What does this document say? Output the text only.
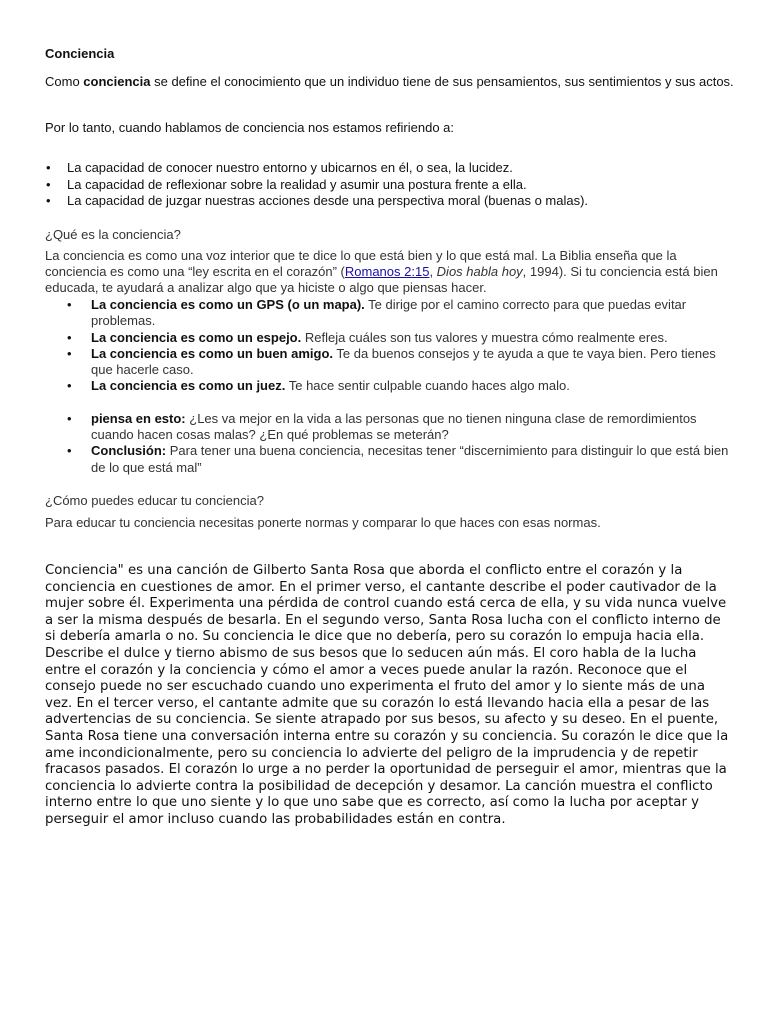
Conciencia
Como conciencia se define el conocimiento que un individuo tiene de sus pensamientos, sus sentimientos y sus actos.
Por lo tanto, cuando hablamos de conciencia nos estamos refiriendo a:
• La capacidad de conocer nuestro entorno y ubicarnos en él, o sea, la lucidez.
• La capacidad de reflexionar sobre la realidad y asumir una postura frente a ella.
• La capacidad de juzgar nuestras acciones desde una perspectiva moral (buenas o malas).
¿Qué es la conciencia?
La conciencia es como una voz interior que te dice lo que está bien y lo que está mal. La Biblia enseña que la conciencia es como una “ley escrita en el corazón” (Romanos 2:15, Dios habla hoy, 1994). Si tu conciencia está bien educada, te ayudará a analizar algo que ya hiciste o algo que piensas hacer.
• La conciencia es como un GPS (o un mapa). Te dirige por el camino correcto para que puedas evitar problemas.
• La conciencia es como un espejo. Refleja cuáles son tus valores y muestra cómo realmente eres.
• La conciencia es como un buen amigo. Te da buenos consejos y te ayuda a que te vaya bien. Pero tienes que hacerle caso.
• La conciencia es como un juez. Te hace sentir culpable cuando haces algo malo.
• piensa en esto: ¿Les va mejor en la vida a las personas que no tienen ninguna clase de remordimientos cuando hacen cosas malas? ¿En qué problemas se meterán?
• Conclusión: Para tener una buena conciencia, necesitas tener “discernimiento para distinguir lo que está bien de lo que está mal”
¿Cómo puedes educar tu conciencia?
Para educar tu conciencia necesitas ponerte normas y comparar lo que haces con esas normas.
Conciencia" es una canción de Gilberto Santa Rosa que aborda el conflicto entre el corazón y la conciencia en cuestiones de amor. En el primer verso, el cantante describe el poder cautivador de la mujer sobre él. Experimenta una pérdida de control cuando está cerca de ella, y su vida nunca vuelve a ser la misma después de besarla. En el segundo verso, Santa Rosa lucha con el conflicto interno de si debería amarla o no. Su conciencia le dice que no debería, pero su corazón lo empuja hacia ella. Describe el dulce y tierno abismo de sus besos que lo seducen aún más. El coro habla de la lucha entre el corazón y la conciencia y cómo el amor a veces puede anular la razón. Reconoce que el consejo puede no ser escuchado cuando uno experimenta el fruto del amor y lo siente más de una vez. En el tercer verso, el cantante admite que su corazón lo está llevando hacia ella a pesar de las advertencias de su conciencia. Se siente atrapado por sus besos, su afecto y su deseo. En el puente, Santa Rosa tiene una conversación interna entre su corazón y su conciencia. Su corazón le dice que la ame incondicionalmente, pero su conciencia lo advierte del peligro de la imprudencia y de repetir fracasos pasados. El corazón lo urge a no perder la oportunidad de perseguir el amor, mientras que la conciencia lo advierte contra la posibilidad de decepción y desamor. La canción muestra el conflicto interno entre lo que uno siente y lo que uno sabe que es correcto, así como la lucha por aceptar y perseguir el amor incluso cuando las probabilidades están en contra.
